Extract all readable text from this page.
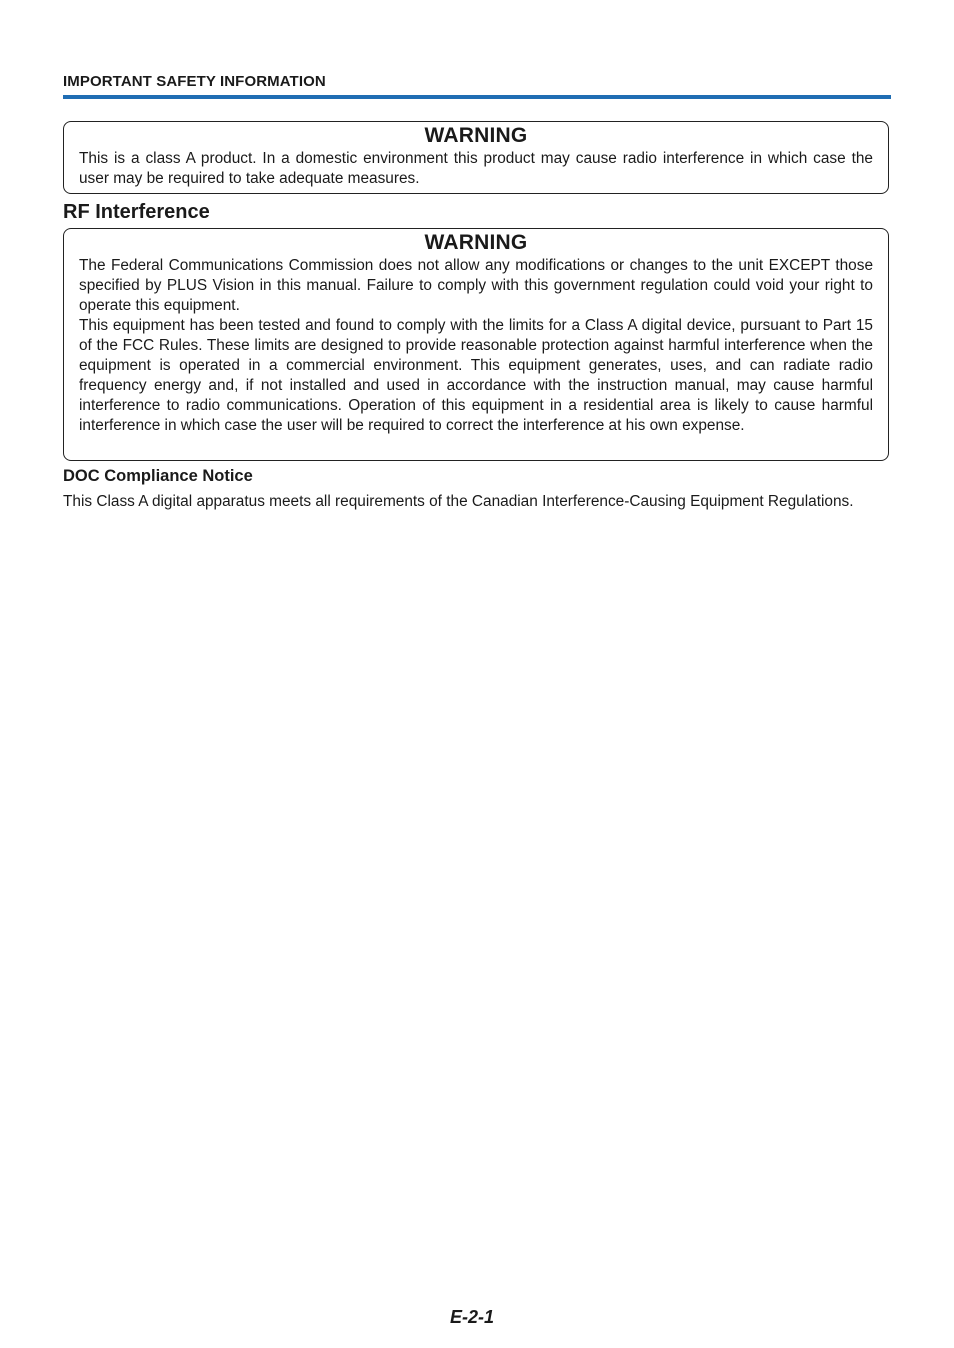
IMPORTANT SAFETY INFORMATION
WARNING

This is a class A product. In a domestic environment this product may cause radio interference in which case the user may be required to take adequate measures.

RF Interference
WARNING

The Federal Communications Commission does not allow any modifications or changes to the unit EXCEPT those specified by PLUS Vision in this manual. Failure to comply with this government regulation could void your right to operate this equipment.

This equipment has been tested and found to comply with the limits for a Class A digital device, pursuant to Part 15 of the FCC Rules. These limits are designed to provide reasonable protection against harmful interference when the equipment is operated in a commercial environment. This equipment generates, uses, and can radiate radio frequency energy and, if not installed and used in accordance with the instruction manual, may cause harmful interference to radio communications. Operation of this equipment in a residential area is likely to cause harmful interference in which case the user will be required to correct the interference at his own expense.

DOC Compliance Notice

This Class A digital apparatus meets all requirements of the Canadian Interference-Causing Equipment Regulations.

E-2-1
